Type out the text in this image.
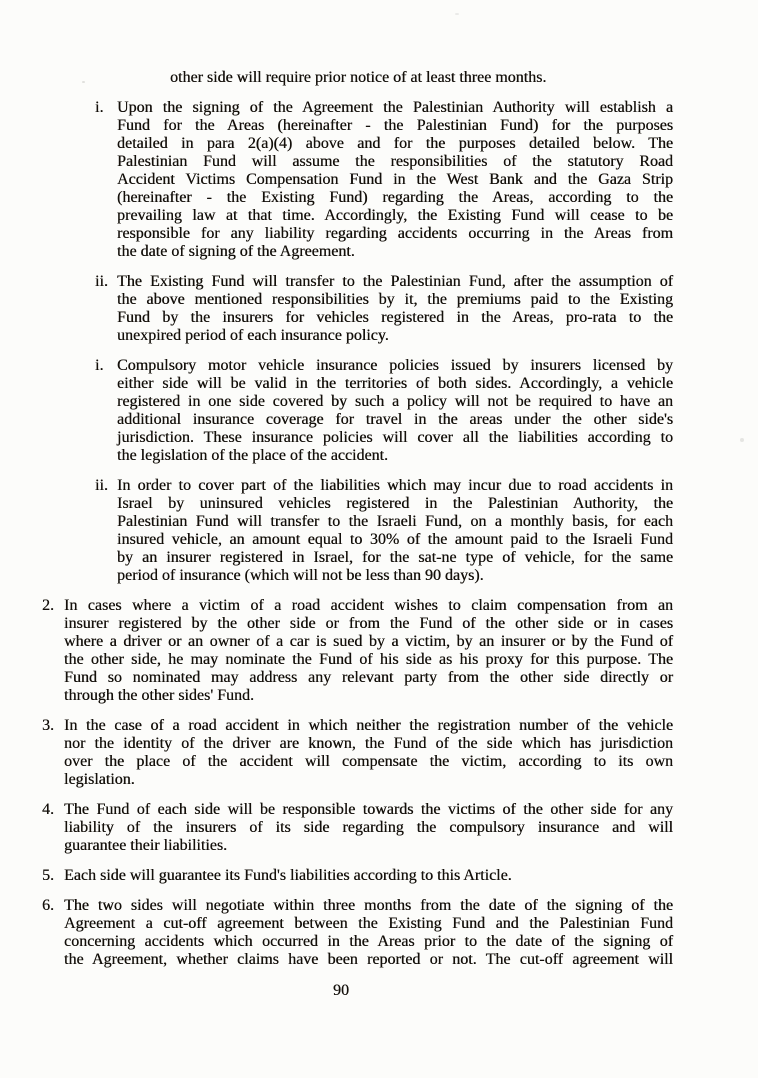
other side will require prior notice of at least three months.
i. Upon the signing of the Agreement the Palestinian Authority will establish a
Fund for the Areas (hereinafter - the Palestinian Fund) for the purposes
detailed in para 2(a)(4) above and for the purposes detailed below. The
Palestinian Fund will assume the responsibilities of the statutory Road
Accident Victims Compensation Fund in the West Bank and the Gaza Strip
(hereinafter - the Existing Fund) regarding the Areas, according to the
prevailing law at that time. Accordingly, the Existing Fund will cease to be
responsible for any liability regarding accidents occurring in the Areas from
the date of signing of the Agreement.
ii. The Existing Fund will transfer to the Palestinian Fund, after the assumption of
the above mentioned responsibilities by it, the premiums paid to the Existing
Fund by the insurers for vehicles registered in the Areas, pro-rata to the
unexpired period of each insurance policy.
i. Compulsory motor vehicle insurance policies issued by insurers licensed by
either side will be valid in the territories of both sides. Accordingly, a vehicle
registered in one side covered by such a policy will not be required to have an
additional insurance coverage for travel in the areas under the other side's
jurisdiction. These insurance policies will cover all the liabilities according to
the legislation of the place of the accident.
ii. In order to cover part of the liabilities which may incur due to road accidents in
Israel by uninsured vehicles registered in the Palestinian Authority, the
Palestinian Fund will transfer to the Israeli Fund, on a monthly basis, for each
insured vehicle, an amount equal to 30% of the amount paid to the Israeli Fund
by an insurer registered in Israel, for the sat-ne type of vehicle, for the same
period of insurance (which will not be less than 90 days).
2. In cases where a victim of a road accident wishes to claim compensation from an
insurer registered by the other side or from the Fund of the other side or in cases
where a driver or an owner of a car is sued by a victim, by an insurer or by the Fund of
the other side, he may nominate the Fund of his side as his proxy for this purpose. The
Fund so nominated may address any relevant party from the other side directly or
through the other sides' Fund.
3. In the case of a road accident in which neither the registration number of the vehicle
nor the identity of the driver are known, the Fund of the side which has jurisdiction
over the place of the accident will compensate the victim, according to its own
legislation.
4. The Fund of each side will be responsible towards the victims of the other side for any
liability of the insurers of its side regarding the compulsory insurance and will
guarantee their liabilities.
5. Each side will guarantee its Fund's liabilities according to this Article.
6. The two sides will negotiate within three months from the date of the signing of the
Agreement a cut-off agreement between the Existing Fund and the Palestinian Fund
concerning accidents which occurred in the Areas prior to the date of the signing of
the Agreement, whether claims have been reported or not. The cut-off agreement will
90
